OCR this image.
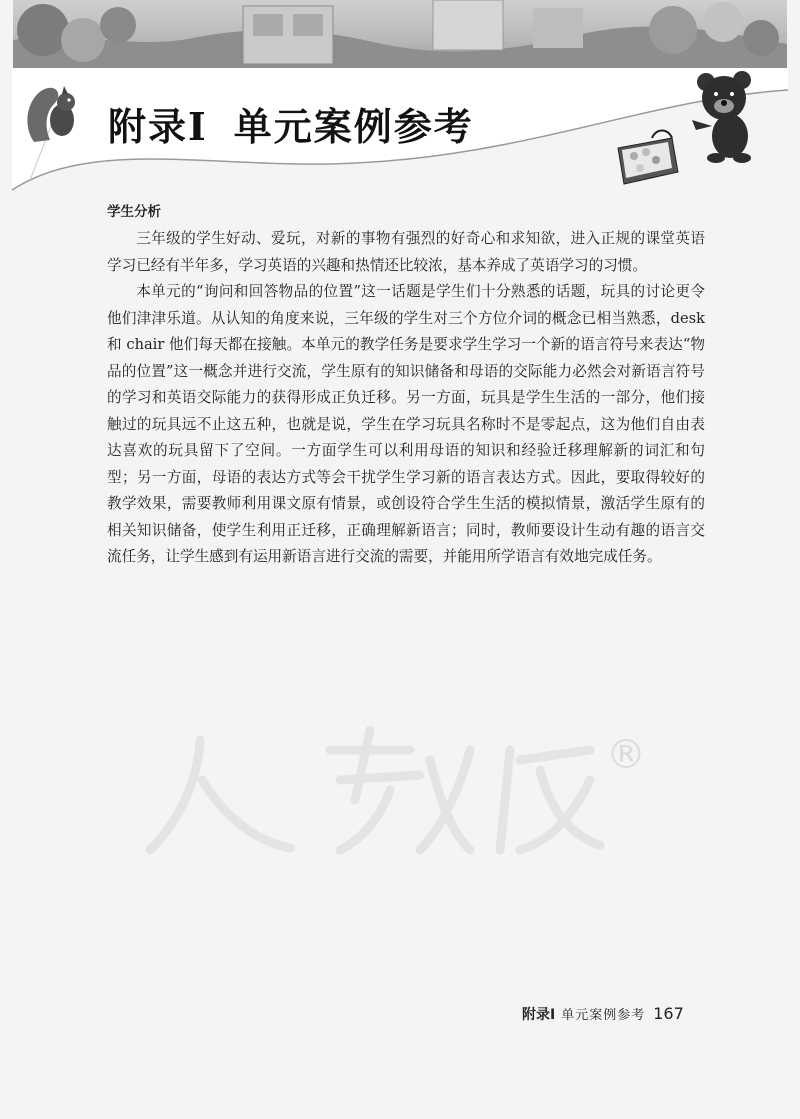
附录I 单元案例参考
学生分析

三年级的学生好动、爱玩，对新的事物有强烈的好奇心和求知欲，进入正规的课堂英语学习已经有半年多，学习英语的兴趣和热情还比较浓，基本养成了英语学习的习惯。

本单元的“询问和回答物品的位置”这一话题是学生们十分熟悉的话题，玩具的讨论更令他们津津乐道。从认知的角度来说，三年级的学生对三个方位介词的概念已相当熟悉，desk 和 chair 他们每天都在接触。本单元的教学任务是要求学生学习一个新的语言符号来表达“物品的位置”这一概念并进行交流，学生原有的知识储备和母语的交际能力必然会对新语言符号的学习和英语交际能力的获得形成正负迁移。另一方面，玩具是学生生活的一部分，他们接触过的玩具远不止这五种，也就是说，学生在学习玩具名称时不是零起点，这为他们自由表达喜欢的玩具留下了空间。一方面学生可以利用母语的知识和经验迁移理解新的词汇和句型；另一方面，母语的表达方式等会干扰学生学习新的语言表达方式。因此，要取得较好的教学效果，需要教师利用课文原有情景，或创设符合学生生活的模拟情景，激活学生原有的相关知识储备，使学生利用正迁移，正确理解新语言；同时，教师要设计生动有趣的语言交流任务，让学生感到有运用新语言进行交流的需要，并能用所学语言有效地完成任务。

®
附录I 单元案例参考 167
